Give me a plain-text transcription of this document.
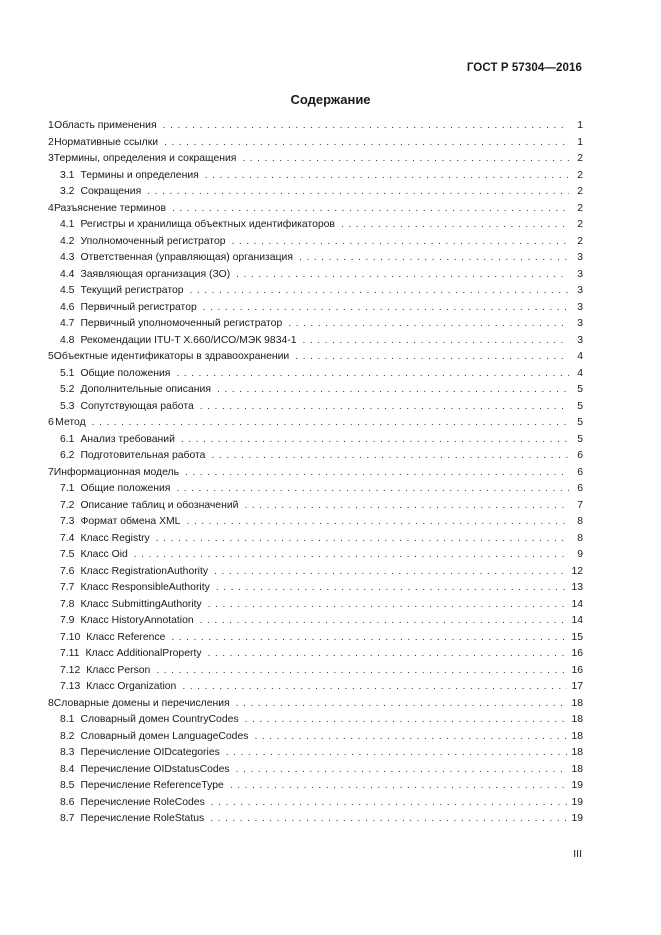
ГОСТ Р 57304—2016
Содержание
1 Область применения . . .	1
2 Нормативные ссылки . . .	1
3 Термины, определения и сокращения . . .	2
3.1 Термины и определения . . .	2
3.2 Сокращения . . .	2
4 Разъяснение терминов . . .	2
4.1 Регистры и хранилища объектных идентификаторов . . .	2
4.2 Уполномоченный регистратор . . .	2
4.3 Ответственная (управляющая) организация . . .	3
4.4 Заявляющая организация (ЗО) . . .	3
4.5 Текущий регистратор . . .	3
4.6 Первичный регистратор . . .	3
4.7 Первичный уполномоченный регистратор . . .	3
4.8 Рекомендации ITU-T X.660/ИСО/МЭК 9834-1 . . .	3
5 Объектные идентификаторы в здравоохранении . . .	4
5.1 Общие положения . . .	4
5.2 Дополнительные описания . . .	5
5.3 Сопутствующая работа . . .	5
6 Метод . . .	5
6.1 Анализ требований . . .	5
6.2 Подготовительная работа . . .	6
7 Информационная модель . . .	6
7.1 Общие положения . . .	6
7.2 Описание таблиц и обозначений . . .	7
7.3 Формат обмена XML . . .	8
7.4 Класс Registry . . .	8
7.5 Класс Oid . . .	9
7.6 Класс RegistrationAuthority . . .	12
7.7 Класс ResponsibleAuthority . . .	13
7.8 Класс SubmittingAuthority . . .	14
7.9 Класс HistoryAnnotation . . .	14
7.10 Класс Reference . . .	15
7.11 Класс AdditionalProperty . . .	16
7.12 Класс Person . . .	16
7.13 Класс Organization . . .	17
8 Словарные домены и перечисления . . .	18
8.1 Словарный домен CountryCodes . . .	18
8.2 Словарный домен LanguageCodes . . .	18
8.3 Перечисление OIDcategories . . .	18
8.4 Перечисление OIDstatusCodes . . .	18
8.5 Перечисление ReferenceType . . .	19
8.6 Перечисление RoleCodes . . .	19
8.7 Перечисление RoleStatus . . .	19
III
